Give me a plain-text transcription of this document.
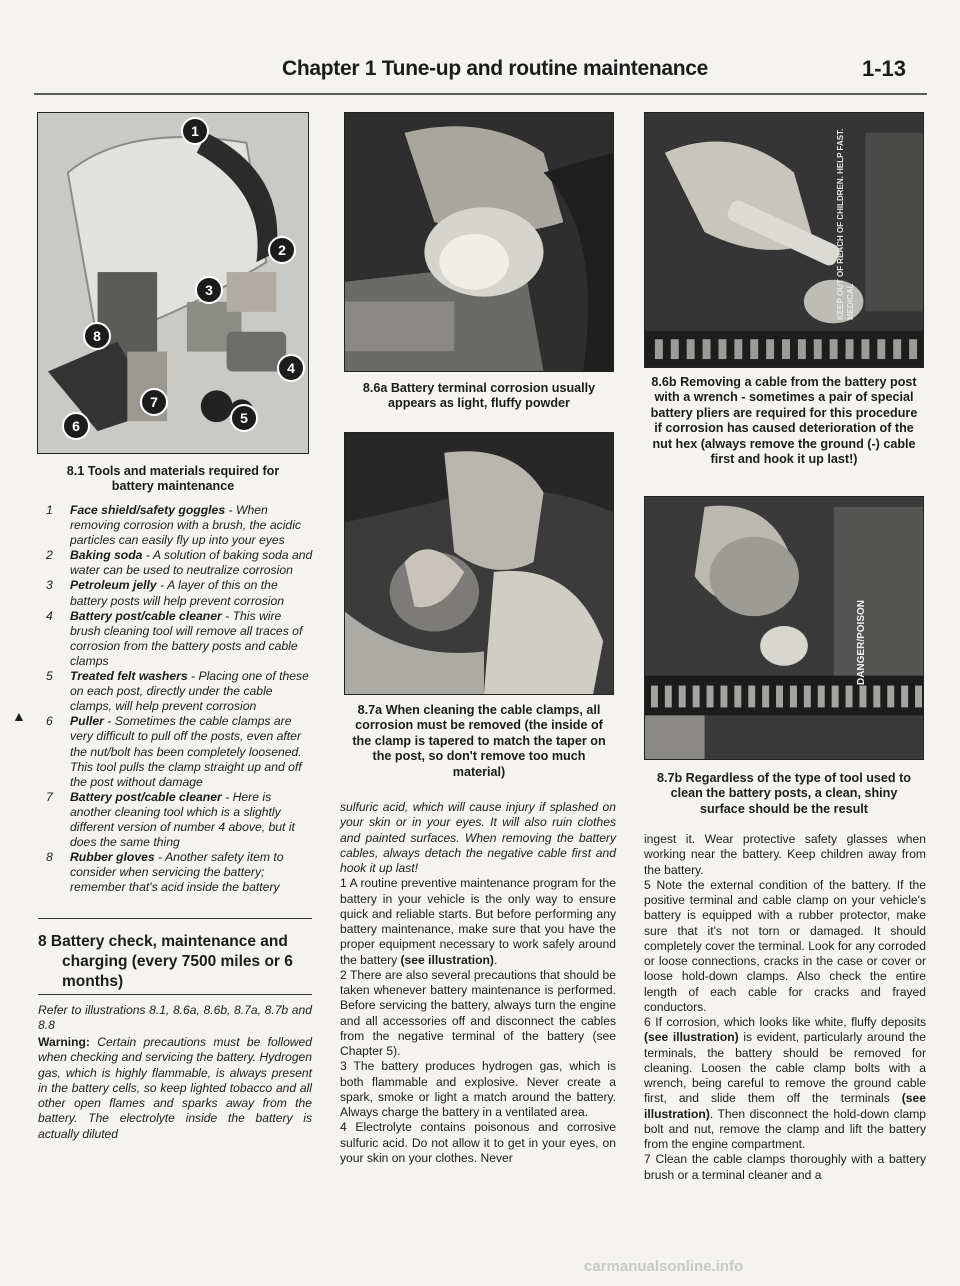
Chapter 1 Tune-up and routine maintenance	1-13
1
2
3
4
5
6
7
8
8.1 Tools and materials required for battery maintenance
1 Face shield/safety goggles - When removing corrosion with a brush, the acidic particles can easily fly up into your eyes
2 Baking soda - A solution of baking soda and water can be used to neutralize corrosion
3 Petroleum jelly - A layer of this on the battery posts will help prevent corrosion
4 Battery post/cable cleaner - This wire brush cleaning tool will remove all traces of corrosion from the battery posts and cable clamps
5 Treated felt washers - Placing one of these on each post, directly under the cable clamps, will help prevent corrosion
6 Puller - Sometimes the cable clamps are very difficult to pull off the posts, even after the nut/bolt has been completely loosened. This tool pulls the clamp straight up and off the post without damage
7 Battery post/cable cleaner - Here is another cleaning tool which is a slightly different version of number 4 above, but it does the same thing
8 Rubber gloves - Another safety item to consider when servicing the battery; remember that's acid inside the battery
▲
8 Battery check, maintenance and charging (every 7500 miles or 6 months)
Refer to illustrations 8.1, 8.6a, 8.6b, 8.7a, 8.7b and 8.8
Warning: Certain precautions must be followed when checking and servicing the battery. Hydrogen gas, which is highly flammable, is always present in the battery cells, so keep lighted tobacco and all other open flames and sparks away from the battery. The electrolyte inside the battery is actually diluted
8.6a Battery terminal corrosion usually appears as light, fluffy powder
8.7a When cleaning the cable clamps, all corrosion must be removed (the inside of the clamp is tapered to match the taper on the post, so don't remove too much material)

sulfuric acid, which will cause injury if splashed on your skin or in your eyes. It will also ruin clothes and painted surfaces. When removing the battery cables, always detach the negative cable first and hook it up last!

1 A routine preventive maintenance program for the battery in your vehicle is the only way to ensure quick and reliable starts. But before performing any battery maintenance, make sure that you have the proper equipment necessary to work safely around the battery (see illustration).

2 There are also several precautions that should be taken whenever battery maintenance is performed. Before servicing the battery, always turn the engine and all accessories off and disconnect the cables from the negative terminal of the battery (see Chapter 5).

3 The battery produces hydrogen gas, which is both flammable and explosive. Never create a spark, smoke or light a match around the battery. Always charge the battery in a ventilated area.

4 Electrolyte contains poisonous and corrosive sulfuric acid. Do not allow it to get in your eyes, on your skin on your clothes. Never

KEEP OUT OF REACH OF CHILDREN. HELP FAST. MEDICAL
8.6b Removing a cable from the battery post with a wrench - sometimes a pair of special battery pliers are required for this procedure if corrosion has caused deterioration of the nut hex (always remove the ground (-) cable first and hook it up last!)
DANGER/POISON
8.7b Regardless of the type of tool used to clean the battery posts, a clean, shiny surface should be the result

ingest it. Wear protective safety glasses when working near the battery. Keep children away from the battery.

5 Note the external condition of the battery. If the positive terminal and cable clamp on your vehicle's battery is equipped with a rubber protector, make sure that it's not torn or damaged. It should completely cover the terminal. Look for any corroded or loose connections, cracks in the case or cover or loose hold-down clamps. Also check the entire length of each cable for cracks and frayed conductors.

6 If corrosion, which looks like white, fluffy deposits (see illustration) is evident, particularly around the terminals, the battery should be removed for cleaning. Loosen the cable clamp bolts with a wrench, being careful to remove the ground cable first, and slide them off the terminals (see illustration). Then disconnect the hold-down clamp bolt and nut, remove the clamp and lift the battery from the engine compartment.

7 Clean the cable clamps thoroughly with a battery brush or a terminal cleaner and a

carmanualsonline.info
